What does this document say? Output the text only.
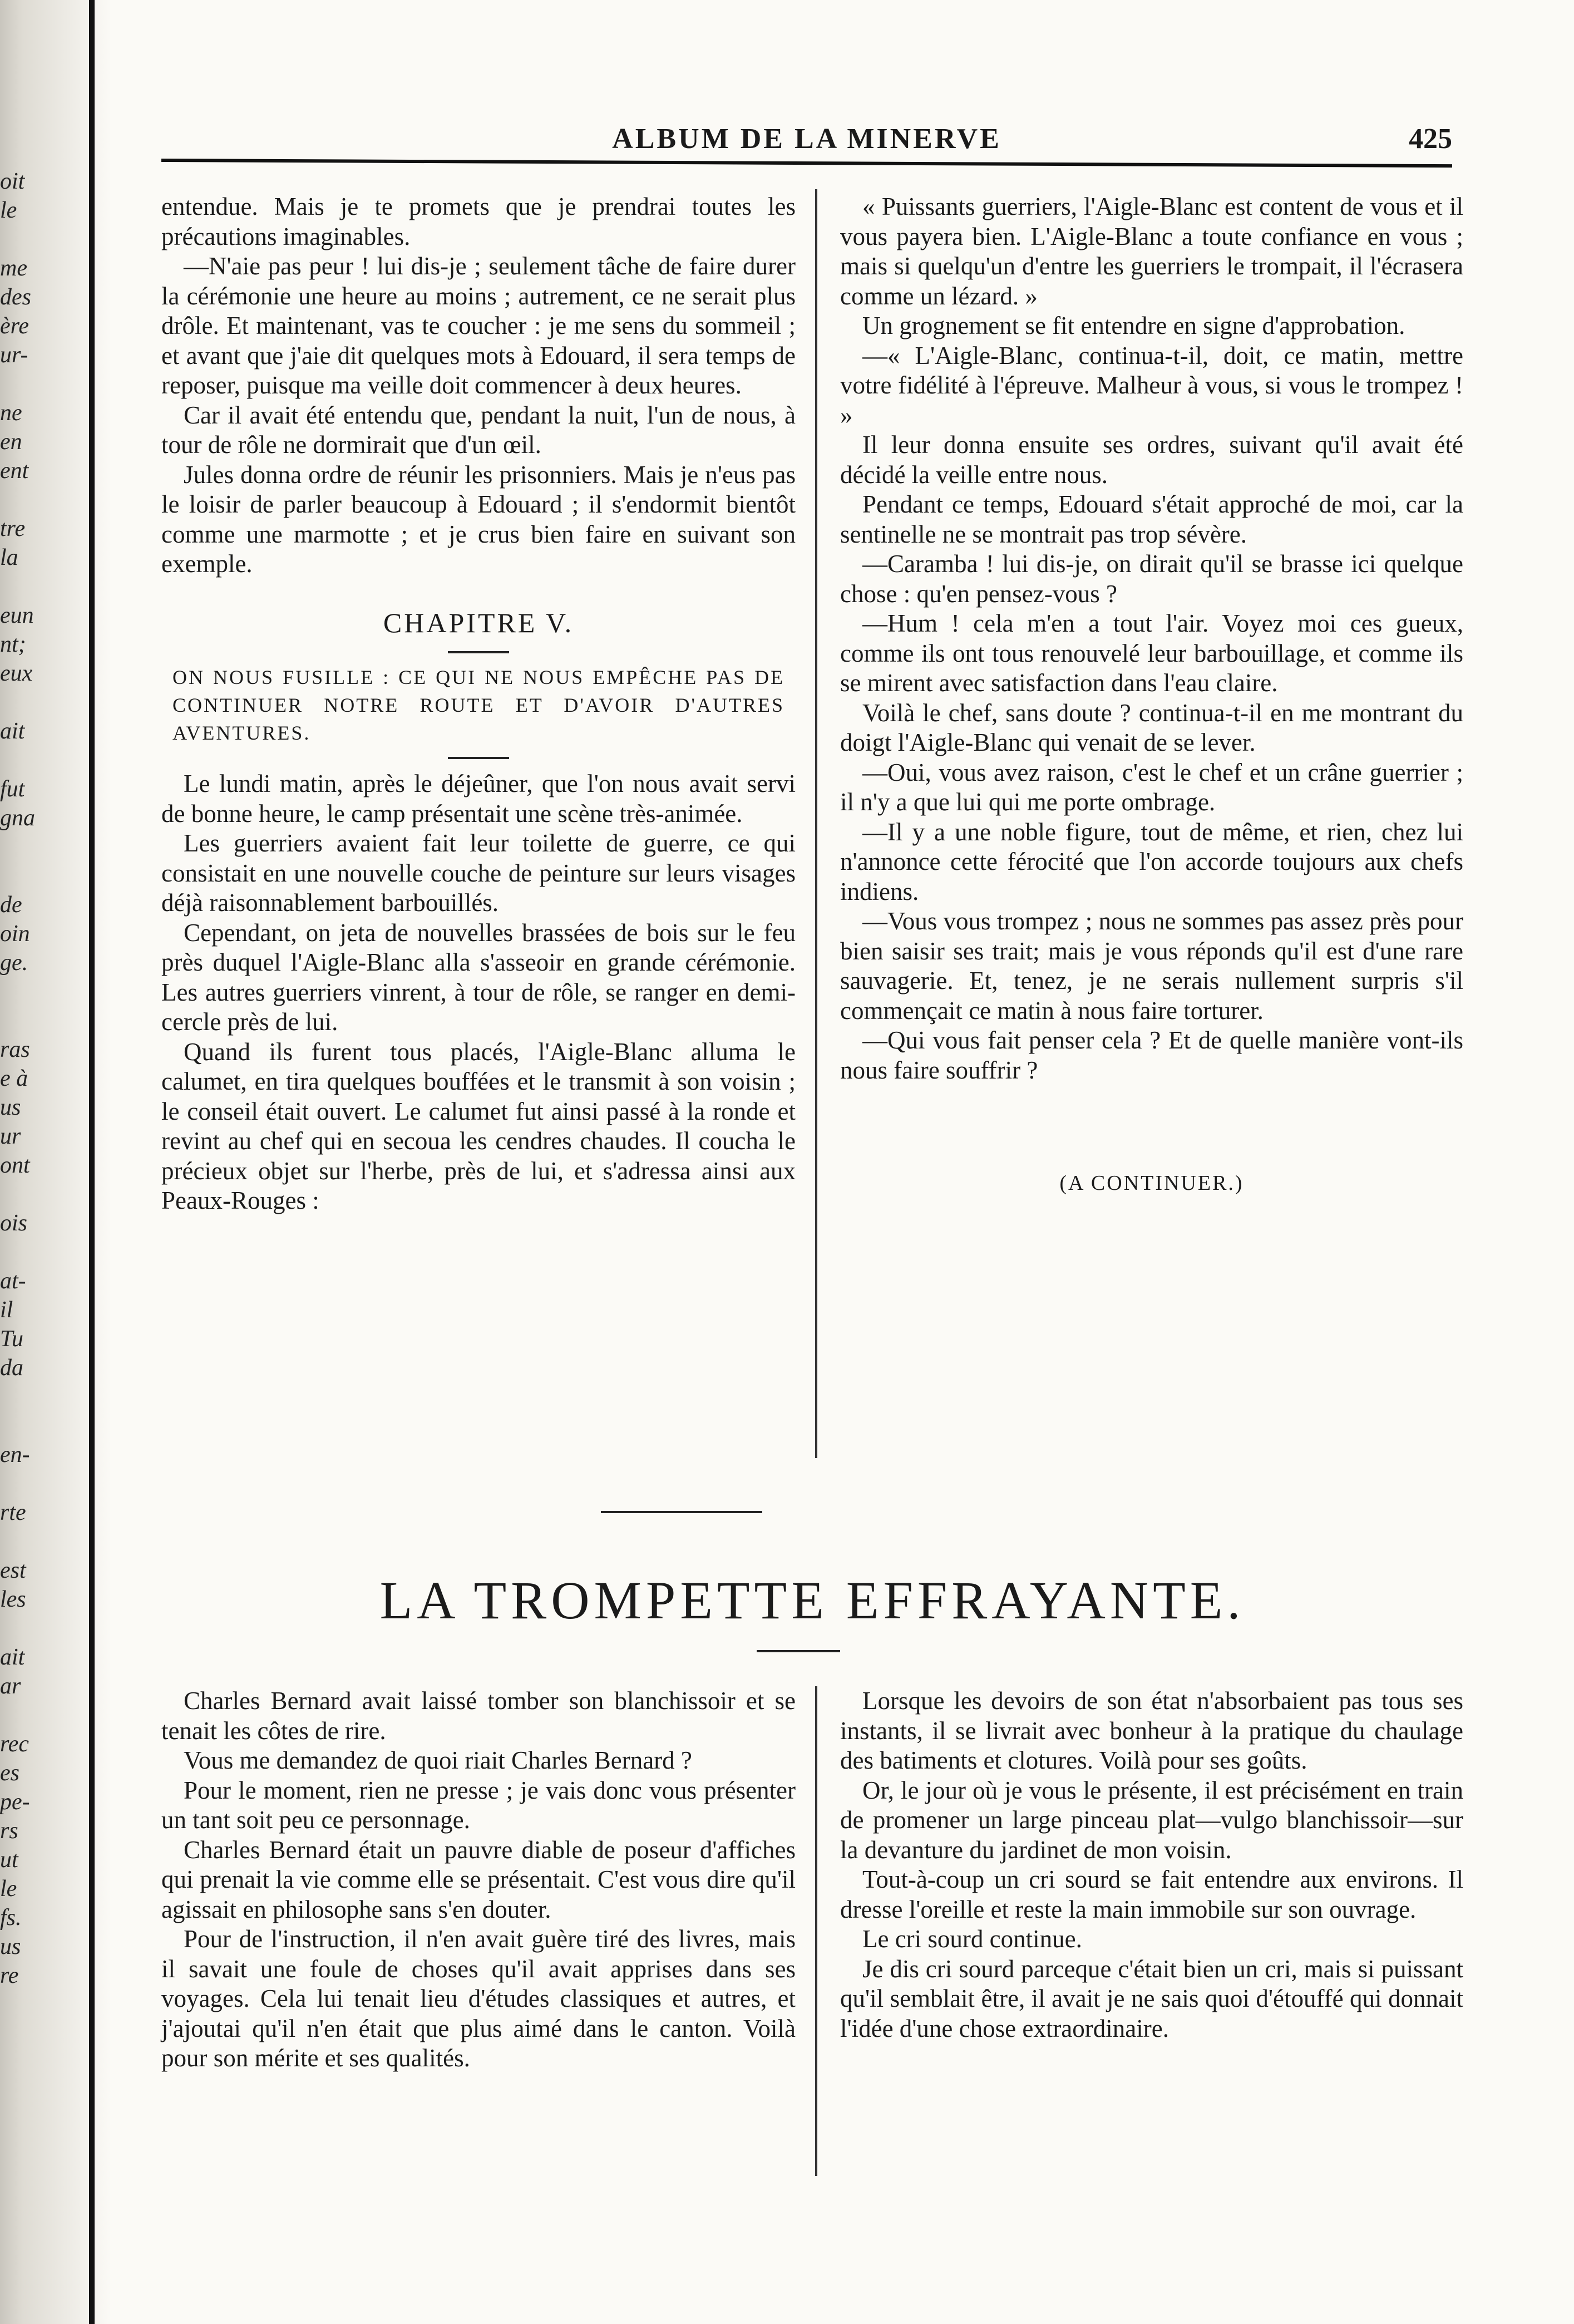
oit
le
me
des
ère
ur-
ne
en
ent
tre
la
eun
nt;
eux
ait
fut
gna
de
oin
ge.
ras
e à
us
ur
ont
ois
at-
il
Tu
da
en-
rte
est
les
ait
ar
rec
es
pe-
rs
ut
le
fs.
us
re
ALBUM DE LA MINERVE	425

entendue. Mais je te promets que je prendrai toutes les précautions imaginables.

—N'aie pas peur ! lui dis-je ; seulement tâche de faire durer la cérémonie une heure au moins ; autrement, ce ne serait plus drôle. Et maintenant, vas te coucher : je me sens du sommeil ; et avant que j'aie dit quelques mots à Edouard, il sera temps de reposer, puisque ma veille doit commencer à deux heures.

Car il avait été entendu que, pendant la nuit, l'un de nous, à tour de rôle ne dormirait que d'un œil.

Jules donna ordre de réunir les prisonniers. Mais je n'eus pas le loisir de parler beaucoup à Edouard ; il s'endormit bientôt comme une marmotte ; et je crus bien faire en suivant son exemple.

CHAPITRE V.
ON NOUS FUSILLE : CE QUI NE NOUS EMPÊCHE PAS DE CONTINUER NOTRE ROUTE ET D'AVOIR D'AUTRES AVENTURES.

Le lundi matin, après le déjeûner, que l'on nous avait servi de bonne heure, le camp présentait une scène très-animée.

Les guerriers avaient fait leur toilette de guerre, ce qui consistait en une nouvelle couche de peinture sur leurs visages déjà raisonnablement barbouillés.

Cependant, on jeta de nouvelles brassées de bois sur le feu près duquel l'Aigle-Blanc alla s'asseoir en grande cérémonie. Les autres guerriers vinrent, à tour de rôle, se ranger en demi-cercle près de lui.

Quand ils furent tous placés, l'Aigle-Blanc alluma le calumet, en tira quelques bouffées et le transmit à son voisin ; le conseil était ouvert. Le calumet fut ainsi passé à la ronde et revint au chef qui en secoua les cendres chaudes. Il coucha le précieux objet sur l'herbe, près de lui, et s'adressa ainsi aux Peaux-Rouges :

« Puissants guerriers, l'Aigle-Blanc est content de vous et il vous payera bien. L'Aigle-Blanc a toute confiance en vous ; mais si quelqu'un d'entre les guerriers le trompait, il l'écrasera comme un lézard. »

Un grognement se fit entendre en signe d'approbation.

—« L'Aigle-Blanc, continua-t-il, doit, ce matin, mettre votre fidélité à l'épreuve. Malheur à vous, si vous le trompez ! »

Il leur donna ensuite ses ordres, suivant qu'il avait été décidé la veille entre nous.

Pendant ce temps, Edouard s'était approché de moi, car la sentinelle ne se montrait pas trop sévère.

—Caramba ! lui dis-je, on dirait qu'il se brasse ici quelque chose : qu'en pensez-vous ?

—Hum ! cela m'en a tout l'air. Voyez moi ces gueux, comme ils ont tous renouvelé leur barbouillage, et comme ils se mirent avec satisfaction dans l'eau claire.

Voilà le chef, sans doute ? continua-t-il en me montrant du doigt l'Aigle-Blanc qui venait de se lever.

—Oui, vous avez raison, c'est le chef et un crâne guerrier ; il n'y a que lui qui me porte ombrage.

—Il y a une noble figure, tout de même, et rien, chez lui n'annonce cette férocité que l'on accorde toujours aux chefs indiens.

—Vous vous trompez ; nous ne sommes pas assez près pour bien saisir ses trait; mais je vous réponds qu'il est d'une rare sauvagerie. Et, tenez, je ne serais nullement surpris s'il commençait ce matin à nous faire torturer.

—Qui vous fait penser cela ? Et de quelle manière vont-ils nous faire souffrir ?

(A CONTINUER.)
LA TROMPETTE EFFRAYANTE.

Charles Bernard avait laissé tomber son blanchissoir et se tenait les côtes de rire.

Vous me demandez de quoi riait Charles Bernard ?

Pour le moment, rien ne presse ; je vais donc vous présenter un tant soit peu ce personnage.

Charles Bernard était un pauvre diable de poseur d'affiches qui prenait la vie comme elle se présentait. C'est vous dire qu'il agissait en philosophe sans s'en douter.

Pour de l'instruction, il n'en avait guère tiré des livres, mais il savait une foule de choses qu'il avait apprises dans ses voyages. Cela lui tenait lieu d'études classiques et autres, et j'ajoutai qu'il n'en était que plus aimé dans le canton. Voilà pour son mérite et ses qualités.

Lorsque les devoirs de son état n'absorbaient pas tous ses instants, il se livrait avec bonheur à la pratique du chaulage des batiments et clotures. Voilà pour ses goûts.

Or, le jour où je vous le présente, il est précisément en train de promener un large pinceau plat—vulgo blanchissoir—sur la devanture du jardinet de mon voisin.

Tout-à-coup un cri sourd se fait entendre aux environs. Il dresse l'oreille et reste la main immobile sur son ouvrage.

Le cri sourd continue.

Je dis cri sourd parceque c'était bien un cri, mais si puissant qu'il semblait être, il avait je ne sais quoi d'étouffé qui donnait l'idée d'une chose extraordinaire.
